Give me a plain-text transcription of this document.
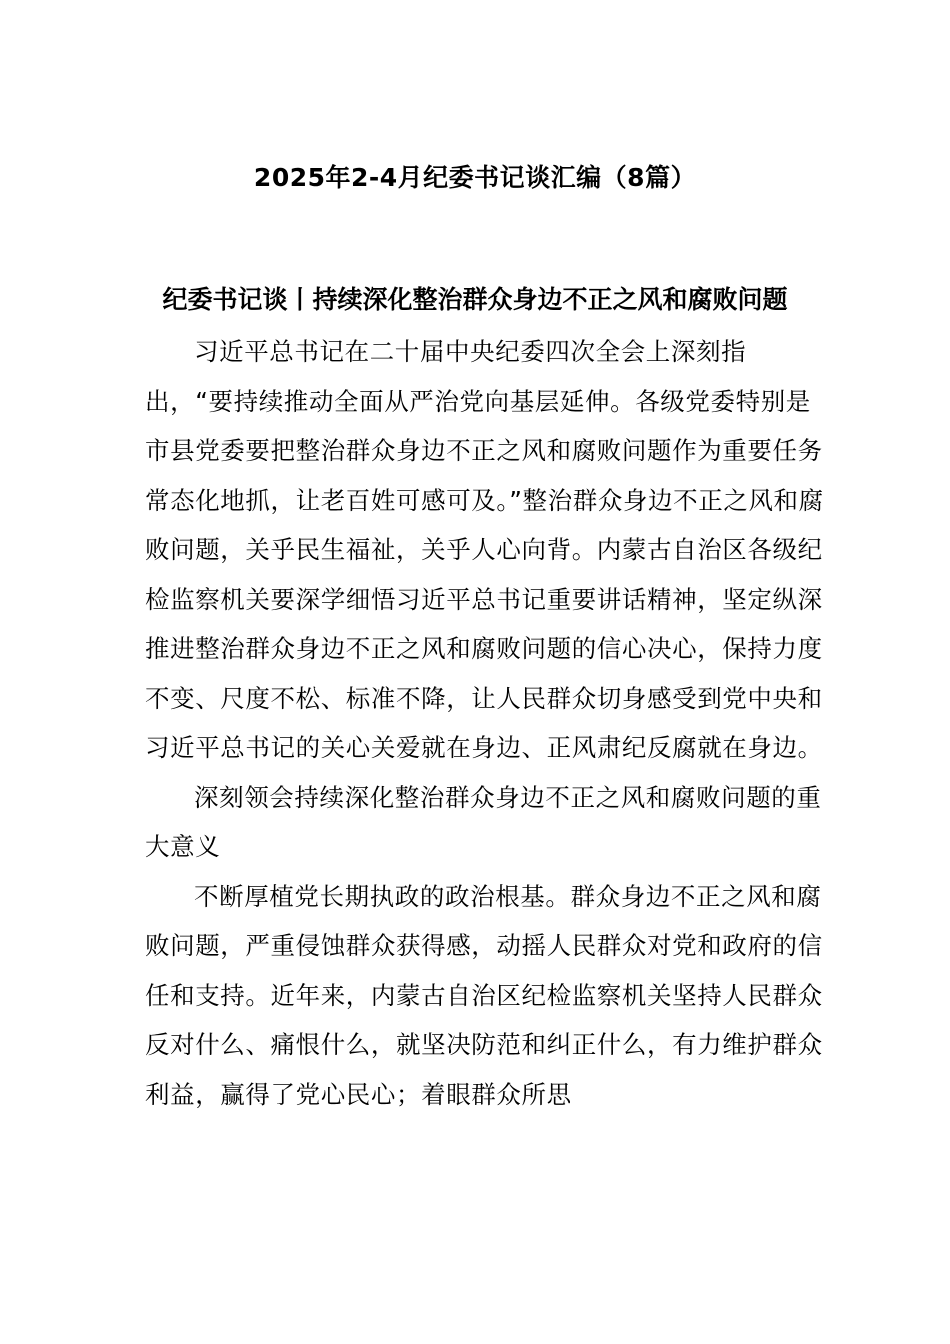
2025年2-4月纪委书记谈汇编（8篇）
纪委书记谈丨持续深化整治群众身边不正之风和腐败问题

习近平总书记在二十届中央纪委四次全会上深刻指出，“要持续推动全面从严治党向基层延伸。各级党委特别是市县党委要把整治群众身边不正之风和腐败问题作为重要任务常态化地抓，让老百姓可感可及。”整治群众身边不正之风和腐败问题，关乎民生福祉，关乎人心向背。内蒙古自治区各级纪检监察机关要深学细悟习近平总书记重要讲话精神，坚定纵深推进整治群众身边不正之风和腐败问题的信心决心，保持力度不变、尺度不松、标准不降，让人民群众切身感受到党中央和习近平总书记的关心关爱就在身边、正风肃纪反腐就在身边。

深刻领会持续深化整治群众身边不正之风和腐败问题的重大意义

不断厚植党长期执政的政治根基。群众身边不正之风和腐败问题，严重侵蚀群众获得感，动摇人民群众对党和政府的信任和支持。近年来，内蒙古自治区纪检监察机关坚持人民群众反对什么、痛恨什么，就坚决防范和纠正什么，有力维护群众利益，赢得了党心民心；着眼群众所思
